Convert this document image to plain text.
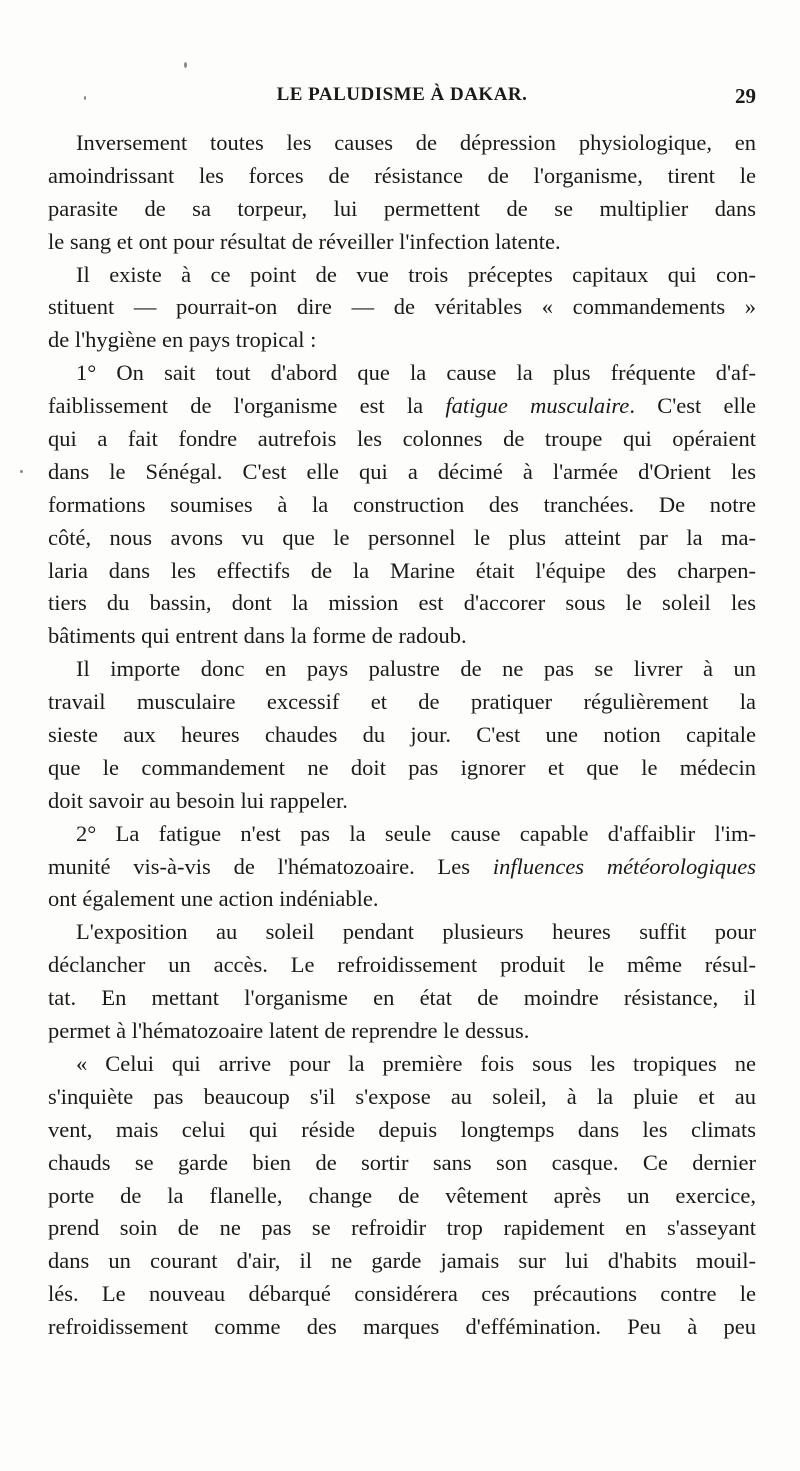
LE PALUDISME À DAKAR.	29
Inversement toutes les causes de dépression physiologique, en
amoindrissant les forces de résistance de l'organisme, tirent le
parasite de sa torpeur, lui permettent de se multiplier dans
le sang et ont pour résultat de réveiller l'infection latente.
Il existe à ce point de vue trois préceptes capitaux qui con-
stituent — pourrait-on dire — de véritables « commandements »
de l'hygiène en pays tropical :
1° On sait tout d'abord que la cause la plus fréquente d'af-
faiblissement de l'organisme est la fatigue musculaire. C'est elle
qui a fait fondre autrefois les colonnes de troupe qui opéraient
dans le Sénégal. C'est elle qui a décimé à l'armée d'Orient les
formations soumises à la construction des tranchées. De notre
côté, nous avons vu que le personnel le plus atteint par la ma-
laria dans les effectifs de la Marine était l'équipe des charpen-
tiers du bassin, dont la mission est d'accorer sous le soleil les
bâtiments qui entrent dans la forme de radoub.
Il importe donc en pays palustre de ne pas se livrer à un
travail musculaire excessif et de pratiquer régulièrement la
sieste aux heures chaudes du jour. C'est une notion capitale
que le commandement ne doit pas ignorer et que le médecin
doit savoir au besoin lui rappeler.
2° La fatigue n'est pas la seule cause capable d'affaiblir l'im-
munité vis-à-vis de l'hématozoaire. Les influences météorologiques
ont également une action indéniable.
L'exposition au soleil pendant plusieurs heures suffit pour
déclancher un accès. Le refroidissement produit le même résul-
tat. En mettant l'organisme en état de moindre résistance, il
permet à l'hématozoaire latent de reprendre le dessus.
« Celui qui arrive pour la première fois sous les tropiques ne
s'inquiète pas beaucoup s'il s'expose au soleil, à la pluie et au
vent, mais celui qui réside depuis longtemps dans les climats
chauds se garde bien de sortir sans son casque. Ce dernier
porte de la flanelle, change de vêtement après un exercice,
prend soin de ne pas se refroidir trop rapidement en s'asseyant
dans un courant d'air, il ne garde jamais sur lui d'habits mouil-
lés. Le nouveau débarqué considérera ces précautions contre le
refroidissement comme des marques d'effémination. Peu à peu
